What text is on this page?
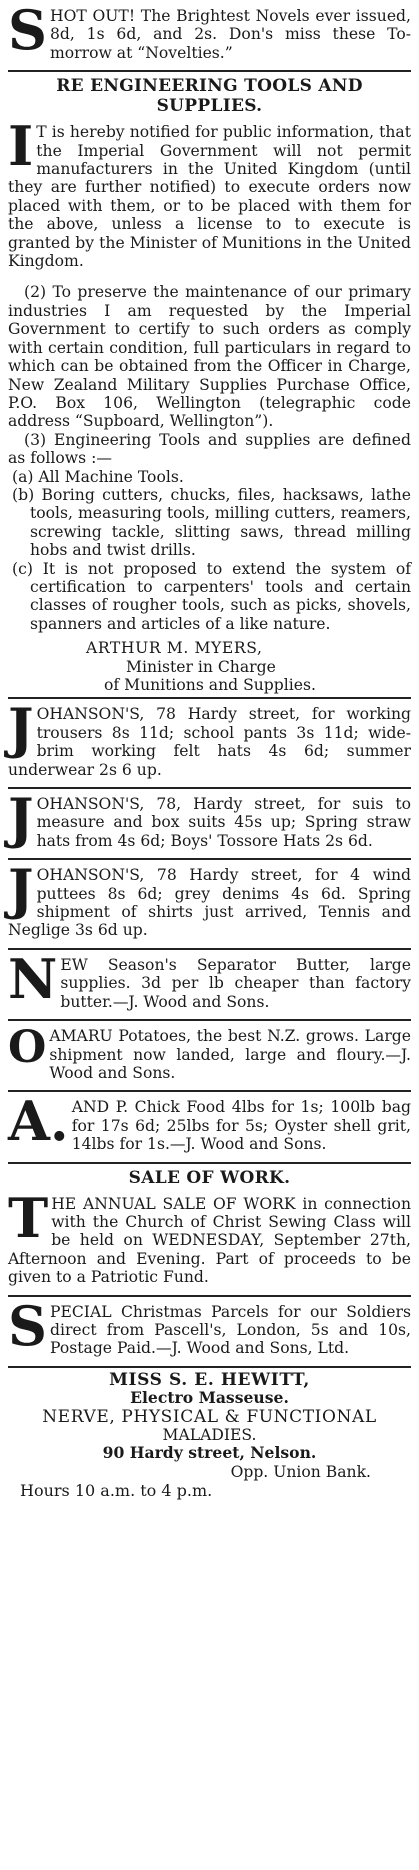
S HOT OUT! The Brightest Novels ever issued, 8d, 1s 6d, and 2s. Don's miss these To-morrow at “Novelties.”

RE ENGINEERING TOOLS AND SUPPLIES.
I T is hereby notified for public information, that the Imperial Government will not permit manufacturers in the United Kingdom (until they are further notified) to execute orders now placed with them, or to be placed with them for the above, unless a license to to execute is granted by the Minister of Munitions in the United Kingdom.

(2) To preserve the maintenance of our primary industries I am requested by the Imperial Government to certify to such orders as comply with certain condition, full particulars in regard to which can be obtained from the Officer in Charge, New Zealand Military Supplies Purchase Office, P.O. Box 106, Wellington (telegraphic code address “Supboard, Wellington”).

(3) Engineering Tools and supplies are defined as follows :—

(a) All Machine Tools.

(b) Boring cutters, chucks, files, hacksaws, lathe tools, measuring tools, milling cutters, reamers, screwing tackle, slitting saws, thread milling hobs and twist drills.

(c) It is not proposed to extend the system of certification to carpenters' tools and certain classes of rougher tools, such as picks, shovels, spanners and articles of a like nature.

ARTHUR M. MYERS,
Minister in Charge
of Munitions and Supplies.
J OHANSON'S, 78 Hardy street, for working trousers 8s 11d; school pants 3s 11d; wide-brim working felt hats 4s 6d; summer underwear 2s 6 up.

J OHANSON'S, 78, Hardy street, for suis to measure and box suits 45s up; Spring straw hats from 4s 6d; Boys' Tossore Hats 2s 6d.

J OHANSON'S, 78 Hardy street, for 4 wind puttees 8s 6d; grey denims 4s 6d. Spring shipment of shirts just arrived, Tennis and Neglige 3s 6d up.

N EW Season's Separator Butter, large supplies. 3d per lb cheaper than factory butter.—J. Wood and Sons.

O AMARU Potatoes, the best N.Z. grows. Large shipment now landed, large and floury.—J. Wood and Sons.

A. AND P. Chick Food 4lbs for 1s; 100lb bag for 17s 6d; 25lbs for 5s; Oyster shell grit, 14lbs for 1s.—J. Wood and Sons.

SALE OF WORK.
T HE ANNUAL SALE OF WORK in connection with the Church of Christ Sewing Class will be held on WEDNESDAY, September 27th, Afternoon and Evening. Part of proceeds to be given to a Patriotic Fund.

S PECIAL Christmas Parcels for our Soldiers direct from Pascell's, London, 5s and 10s, Postage Paid.—J. Wood and Sons, Ltd.

MISS S. E. HEWITT,

Electro Masseuse.

NERVE, PHYSICAL & FUNCTIONAL

MALADIES.

90 Hardy street, Nelson.

Opp. Union Bank.

Hours 10 a.m. to 4 p.m.
